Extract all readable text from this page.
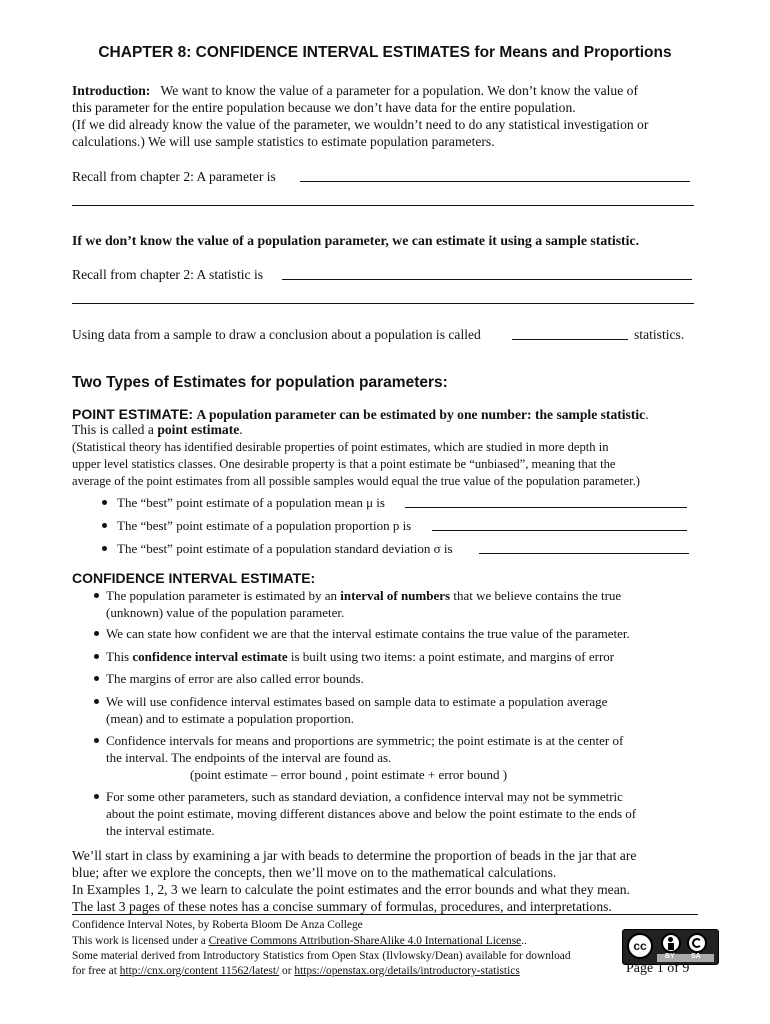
CHAPTER 8: CONFIDENCE INTERVAL ESTIMATES for Means and Proportions
Introduction: We want to know the value of a parameter for a population. We don’t know the value of
this parameter for the entire population because we don’t have data for the entire population.
(If we did already know the value of the parameter, we wouldn’t need to do any statistical investigation or
calculations.) We will use sample statistics to estimate population parameters.
Recall from chapter 2: A parameter is
If we don’t know the value of a population parameter, we can estimate it using a sample statistic.
Recall from chapter 2: A statistic is
Using data from a sample to draw a conclusion about a population is called	statistics.
Two Types of Estimates for population parameters:
POINT ESTIMATE: A population parameter can be estimated by one number: the sample statistic.
This is called a point estimate.
(Statistical theory has identified desirable properties of point estimates, which are studied in more depth in
upper level statistics classes. One desirable property is that a point estimate be “unbiased”, meaning that the
average of the point estimates from all possible samples would equal the true value of the population parameter.)
The “best” point estimate of a population mean μ is
The “best” point estimate of a population proportion p is
The “best” point estimate of a population standard deviation σ is
CONFIDENCE INTERVAL ESTIMATE:
The population parameter is estimated by an interval of numbers that we believe contains the true
(unknown) value of the population parameter.
We can state how confident we are that the interval estimate contains the true value of the parameter.
This confidence interval estimate is built using two items: a point estimate, and margins of error
The margins of error are also called error bounds.
We will use confidence interval estimates based on sample data to estimate a population average
(mean) and to estimate a population proportion.
Confidence intervals for means and proportions are symmetric; the point estimate is at the center of
the interval. The endpoints of the interval are found as.
(point estimate – error bound , point estimate + error bound )
For some other parameters, such as standard deviation, a confidence interval may not be symmetric
about the point estimate, moving different distances above and below the point estimate to the ends of
the interval estimate.
We’ll start in class by examining a jar with beads to determine the proportion of beads in the jar that are
blue; after we explore the concepts, then we’ll move on to the mathematical calculations.
In Examples 1, 2, 3 we learn to calculate the point estimates and the error bounds and what they mean.
The last 3 pages of these notes has a concise summary of formulas, procedures, and interpretations.
Confidence Interval Notes, by Roberta Bloom De Anza College
This work is licensed under a Creative Commons Attribution-ShareAlike 4.0 International License..
Some material derived from Introductory Statistics from Open Stax (Ilvlowsky/Dean) available for download
for free at http://cnx.org/content 11562/latest/ or https://openstax.org/details/introductory-statistics
cc
BY SA
Page 1 of 9
